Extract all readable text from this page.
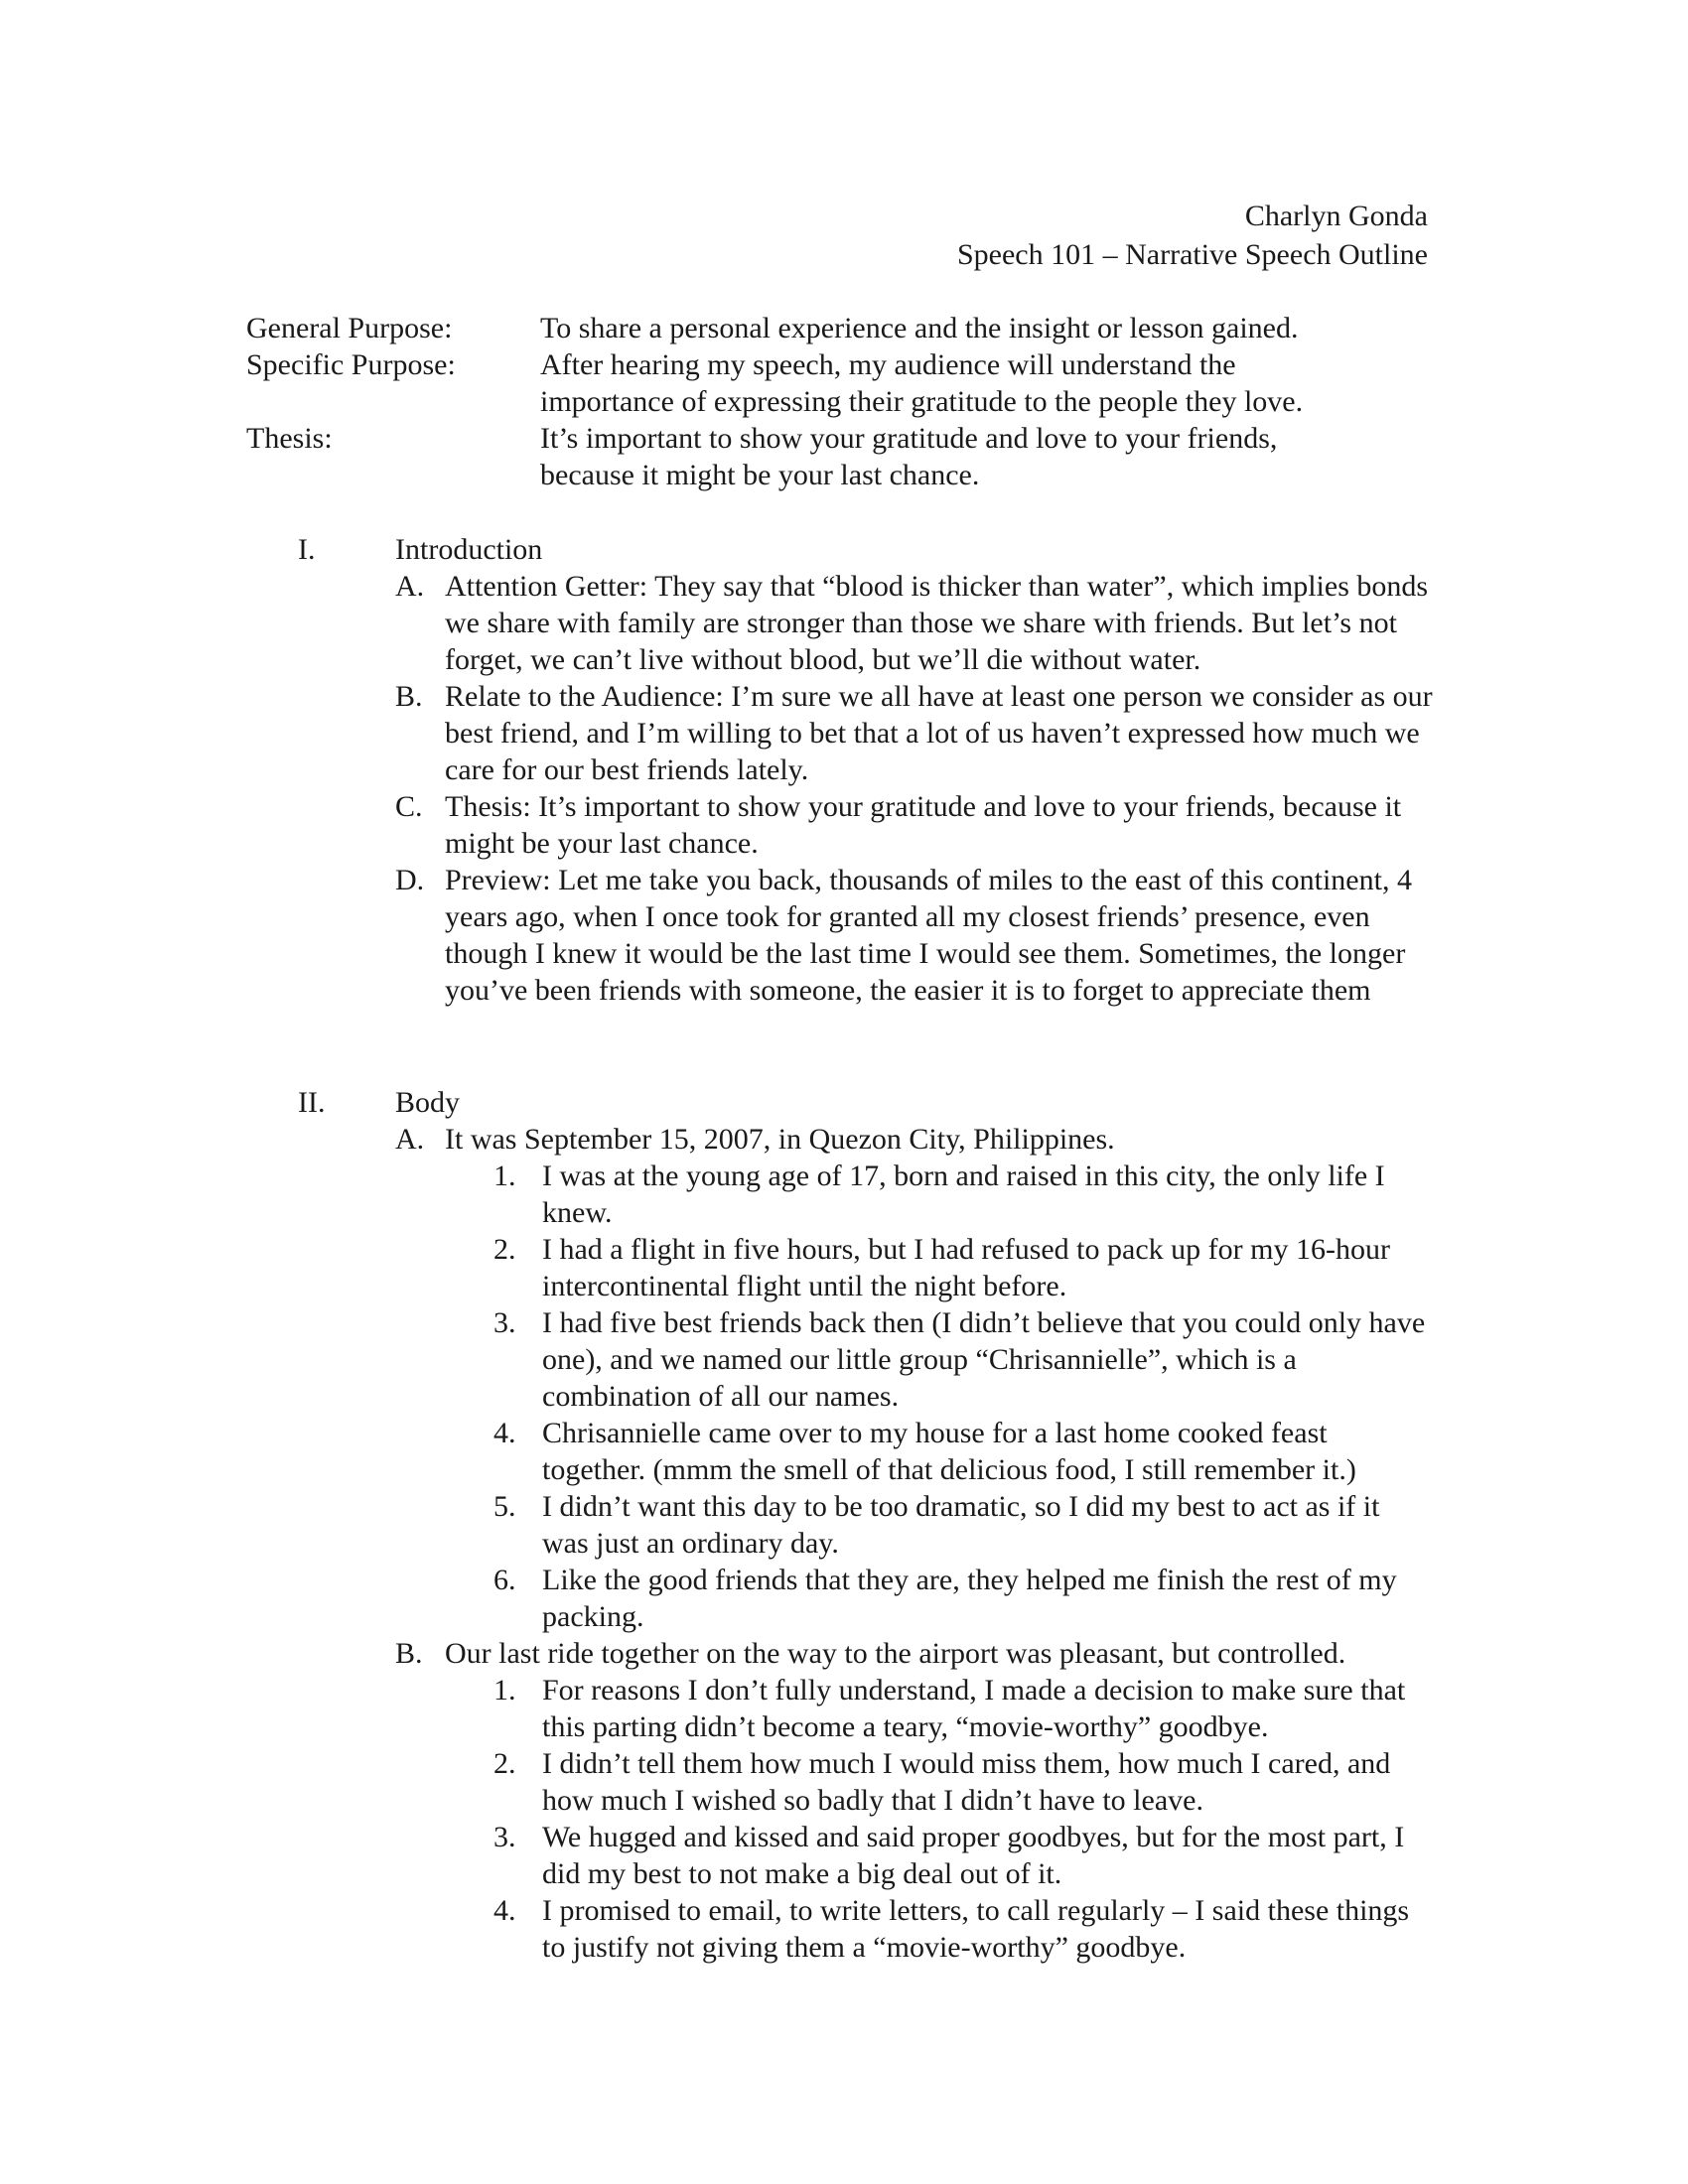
Charlyn Gonda
Speech 101 – Narrative Speech Outline
General Purpose:	To share a personal experience and the insight or lesson gained.
Specific Purpose:	After hearing my speech, my audience will understand the importance of expressing their gratitude to the people they love.
Thesis:	It’s important to show your gratitude and love to your friends, because it might be your last chance.
I.	Introduction
A. Attention Getter: They say that “blood is thicker than water”, which implies bonds we share with family are stronger than those we share with friends. But let’s not forget, we can’t live without blood, but we’ll die without water.
B. Relate to the Audience: I’m sure we all have at least one person we consider as our best friend, and I’m willing to bet that a lot of us haven’t expressed how much we care for our best friends lately.
C. Thesis: It’s important to show your gratitude and love to your friends, because it might be your last chance.
D. Preview: Let me take you back, thousands of miles to the east of this continent, 4 years ago, when I once took for granted all my closest friends’ presence, even though I knew it would be the last time I would see them. Sometimes, the longer you’ve been friends with someone, the easier it is to forget to appreciate them
II.	Body
A. It was September 15, 2007, in Quezon City, Philippines.
1. I was at the young age of 17, born and raised in this city, the only life I knew.
2. I had a flight in five hours, but I had refused to pack up for my 16-hour intercontinental flight until the night before.
3. I had five best friends back then (I didn’t believe that you could only have one), and we named our little group “Chrisannielle”, which is a combination of all our names.
4. Chrisannielle came over to my house for a last home cooked feast together. (mmm the smell of that delicious food, I still remember it.)
5. I didn’t want this day to be too dramatic, so I did my best to act as if it was just an ordinary day.
6. Like the good friends that they are, they helped me finish the rest of my packing.
B. Our last ride together on the way to the airport was pleasant, but controlled.
1. For reasons I don’t fully understand, I made a decision to make sure that this parting didn’t become a teary, “movie-worthy” goodbye.
2. I didn’t tell them how much I would miss them, how much I cared, and how much I wished so badly that I didn’t have to leave.
3. We hugged and kissed and said proper goodbyes, but for the most part, I did my best to not make a big deal out of it.
4. I promised to email, to write letters, to call regularly – I said these things to justify not giving them a “movie-worthy” goodbye.
